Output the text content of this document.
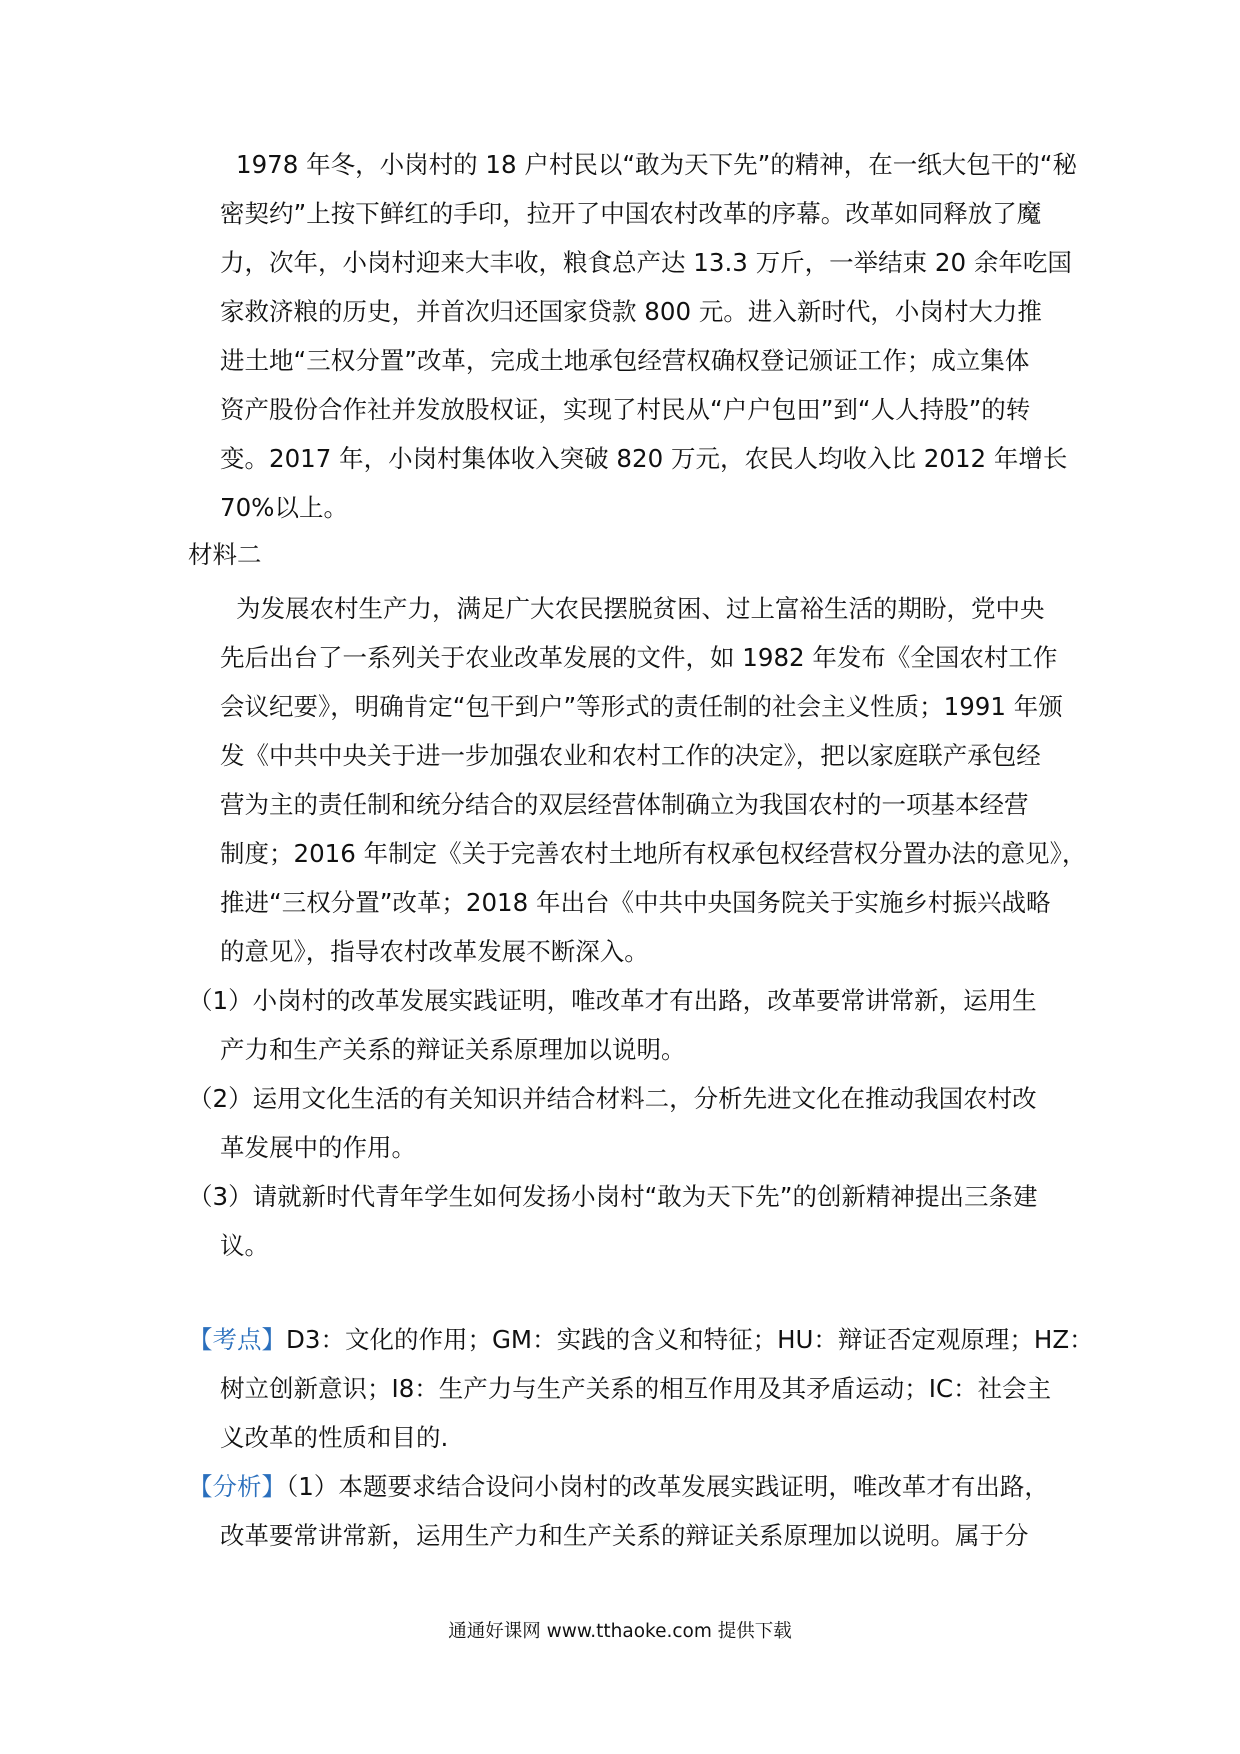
1978 年冬，小岗村的 18 户村民以“敢为天下先”的精神，在一纸大包干的“秘
密契约”上按下鲜红的手印，拉开了中国农村改革的序幕。改革如同释放了魔
力，次年，小岗村迎来大丰收，粮食总产达 13.3 万斤，一举结束 20 余年吃国
家救济粮的历史，并首次归还国家贷款 800 元。进入新时代，小岗村大力推
进土地“三权分置”改革，完成土地承包经营权确权登记颁证工作；成立集体
资产股份合作社并发放股权证，实现了村民从“户户包田”到“人人持股”的转
变。2017 年，小岗村集体收入突破 820 万元，农民人均收入比 2012 年增长
70%以上。
材料二
为发展农村生产力，满足广大农民摆脱贫困、过上富裕生活的期盼，党中央
先后出台了一系列关于农业改革发展的文件，如 1982 年发布《全国农村工作
会议纪要》，明确肯定“包干到户”等形式的责任制的社会主义性质；1991 年颁
发《中共中央关于进一步加强农业和农村工作的决定》，把以家庭联产承包经
营为主的责任制和统分结合的双层经营体制确立为我国农村的一项基本经营
制度；2016 年制定《关于完善农村土地所有权承包权经营权分置办法的意见》，
推进“三权分置”改革；2018 年出台《中共中央国务院关于实施乡村振兴战略
的意见》，指导农村改革发展不断深入。
（1）小岗村的改革发展实践证明，唯改革才有出路，改革要常讲常新，运用生
产力和生产关系的辩证关系原理加以说明。
（2）运用文化生活的有关知识并结合材料二，分析先进文化在推动我国农村改
革发展中的作用。
（3）请就新时代青年学生如何发扬小岗村“敢为天下先”的创新精神提出三条建
议。
【考点】D3：文化的作用；GM：实践的含义和特征；HU：辩证否定观原理；HZ：
树立创新意识；I8：生产力与生产关系的相互作用及其矛盾运动；IC：社会主
义改革的性质和目的.
【分析】（1）本题要求结合设问小岗村的改革发展实践证明，唯改革才有出路，
改革要常讲常新，运用生产力和生产关系的辩证关系原理加以说明。属于分
通通好课网 www.tthaoke.com 提供下载
